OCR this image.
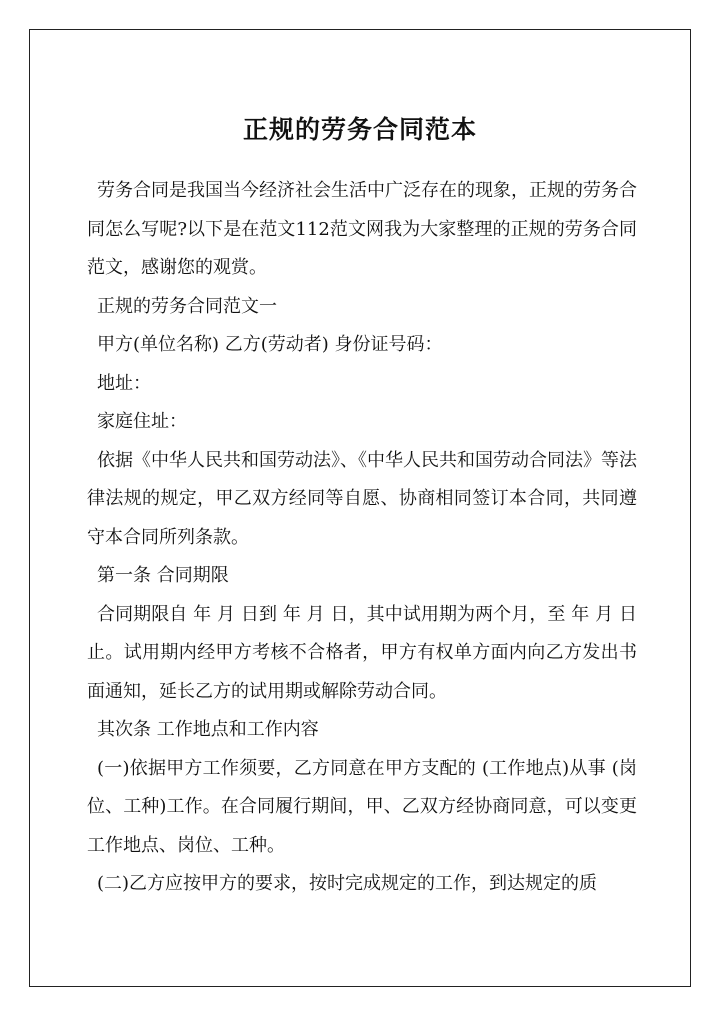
正规的劳务合同范本

劳务合同是我国当今经济社会生活中广泛存在的现象，正规的劳务合同怎么写呢?以下是在范文112范文网我为大家整理的正规的劳务合同范文，感谢您的观赏。

正规的劳务合同范文一

甲方(单位名称) 乙方(劳动者) 身份证号码：

地址：

家庭住址：

依据《中华人民共和国劳动法》、《中华人民共和国劳动合同法》等法律法规的规定，甲乙双方经同等自愿、协商相同签订本合同，共同遵守本合同所列条款。

第一条 合同期限

合同期限自 年 月 日到 年 月 日，其中试用期为两个月，至 年 月 日止。试用期内经甲方考核不合格者，甲方有权单方面内向乙方发出书面通知，延长乙方的试用期或解除劳动合同。

其次条 工作地点和工作内容

(一)依据甲方工作须要，乙方同意在甲方支配的 (工作地点)从事 (岗位、工种)工作。在合同履行期间，甲、乙双方经协商同意，可以变更工作地点、岗位、工种。

(二)乙方应按甲方的要求，按时完成规定的工作，到达规定的质
